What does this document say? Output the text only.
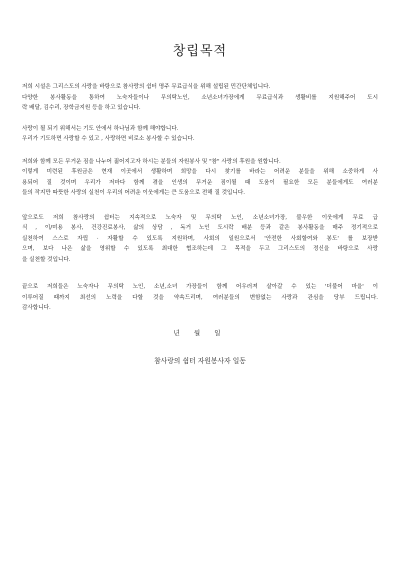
창립목적
저희 시설은 그리스도의 사랑을 바탕으로 참사랑의 쉼터 명주 무료급식을 위해 설립된 민간단체입니다.
다양한 봉사활동을 통하여 노숙자들이나 무의탁노인, 소년소녀가장에게 무료급식과 생활비를 지원해주어 도시
락 배달, 김수리, 장학금지원 등을 하고 있습니다.
사랑이 될 되기 위해서는 기도 안에서 하나님과 함께 해야합니다.
우리가 기도하면 사랑할 수 있고 , 사랑하면 비로소 봉사할 수 있습니다.
저희와 함께 모든 무거운 짐을 나누어 짊어지고자 하시는 분들의 자원봉사 및 "참" 사랑의 후원을 원합니다.
이렇게 미련된 후원금은 현재 이곳에서 생활하며 희망을 다시 찾기를 바라는 어려운 분들을 위해 소중하게 사
용되어 질 것이며 우리가 저마다 함께 겪을 인생의 무거운 짐이될 때 도움이 필요한 모든 분들에게도 여러분
들의 작지만 따뜻한 사랑의 실천이 우리의 어려운 이웃에게는 큰 도움으로 전해 질 것입니다.
앞으로도 저희 참사랑의 쉼터는 지속적으로 노숙자 및 무의탁 노인, 소년소녀가장, 불우한 이웃에게 무료 급
식 , 이/미용 봉사, 건강진료봉사, 삶의 상담 , 독거 노인 도시락 배분 등과 같은 봉사활동을 매주 정기적으로
실천하여 스스로 자립 · 자활할 수 있도록 지원하며, 사회의 일원으로서 '안전한 사회할여와 봉도' 를 보장받
으며, 보다 나은 삶을 영위할 수 있도록 최대한 협조하는데 그 목적을 두고 그리스도의 정신을 바탕으로 사랑
을 실천할 것입니다.
끝으로 저희들은 노숙자나 무의탁 노인, 소년,소녀 가장들이 함께 어우러져 살아갈 수 있는 '더불어 마을' 이
이루어질 때까지 최선의 노력을 다할 것을 약속드리며, 여러분들의 변함없는 사랑과 관심을 당부 드립니다.
감사합니다.
년 월 일
참사랑의 쉼터 자원봉사자 일동
